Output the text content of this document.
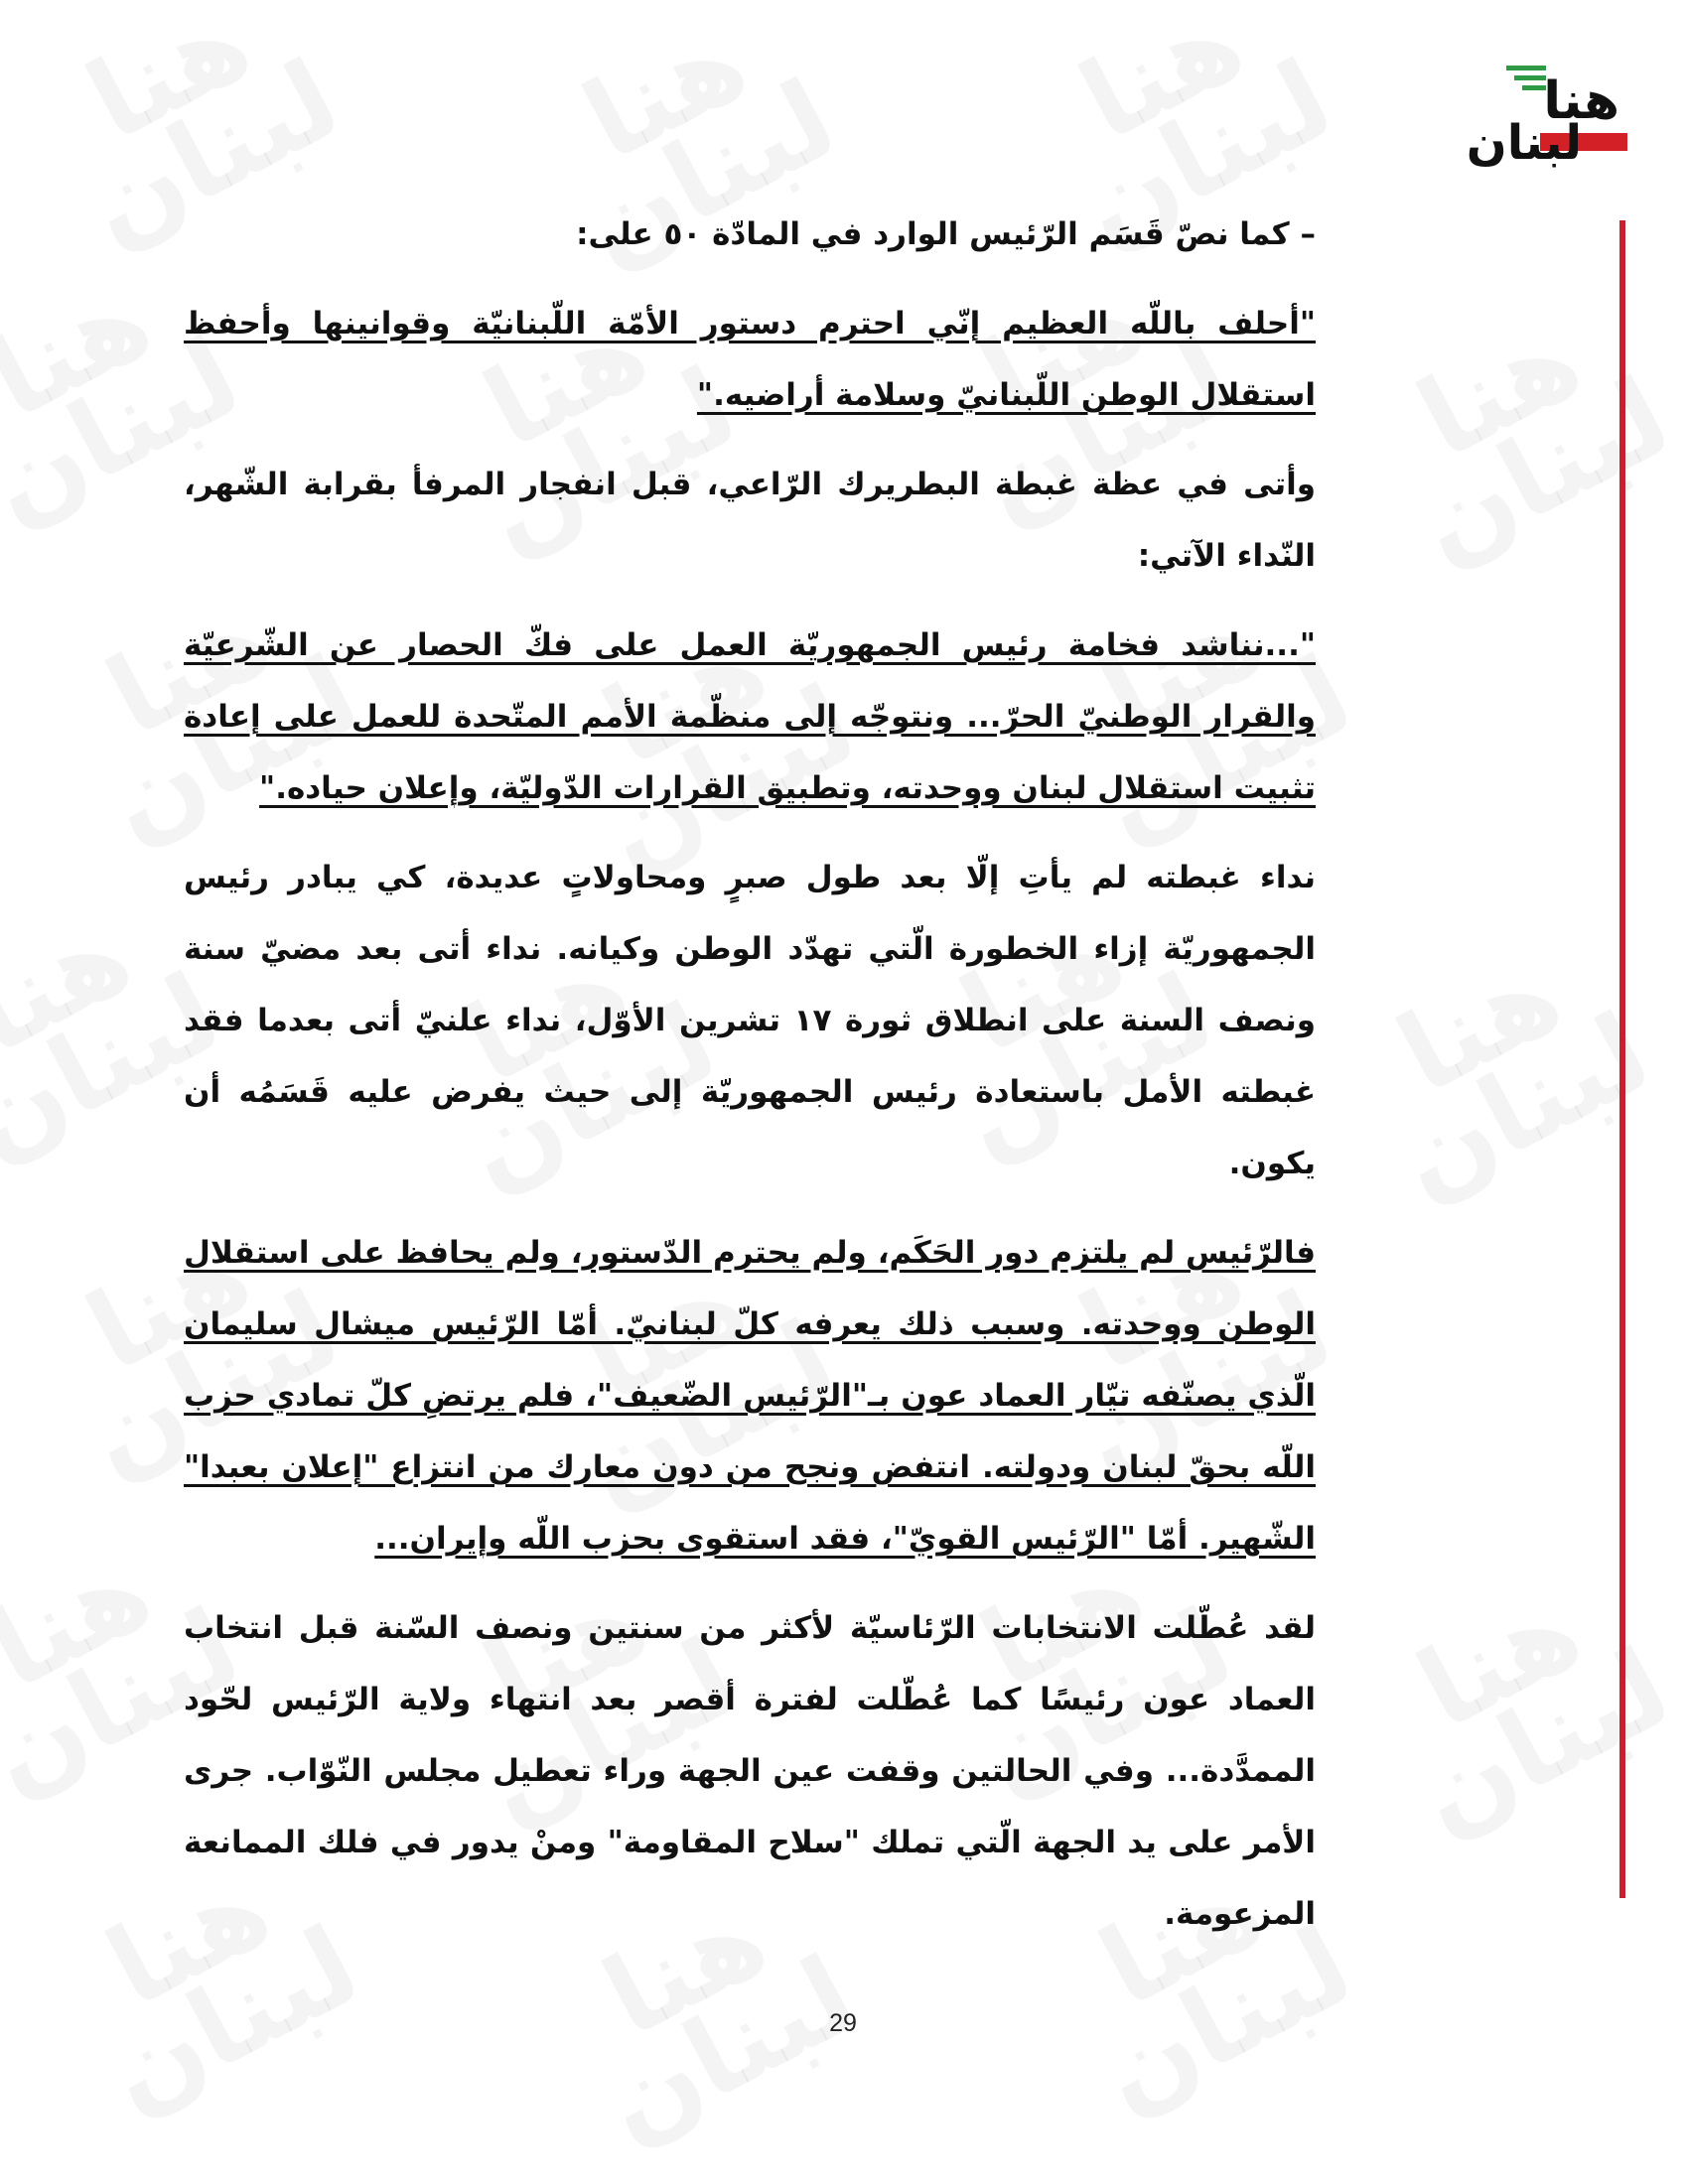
هنا
لبنان

– كما نصّ قَسَم الرّئيس الوارد في المادّة ٥٠ على:

"أحلف باللّه العظيم إنّي احترم دستور الأمّة اللّبنانيّة وقوانينها وأحفظ استقلال الوطن اللّبنانيّ وسلامة أراضيه."

وأتى في عظة غبطة البطريرك الرّاعي، قبل انفجار المرفأ بقرابة الشّهر، النّداء الآتي:

"...نناشد فخامة رئيس الجمهوريّة العمل على فكّ الحصار عن الشّرعيّة والقرار الوطنيّ الحرّ... ونتوجّه إلى منظّمة الأمم المتّحدة للعمل على إعادة تثبيت استقلال لبنان ووحدته، وتطبيق القرارات الدّوليّة، وإعلان حياده."

نداء غبطته لم يأتِ إلّا بعد طول صبرٍ ومحاولاتٍ عديدة، كي يبادر رئيس الجمهوريّة إزاء الخطورة الّتي تهدّد الوطن وكيانه. نداء أتى بعد مضيّ سنة ونصف السنة على انطلاق ثورة ١٧ تشرين الأوّل، نداء علنيّ أتى بعدما فقد غبطته الأمل باستعادة رئيس الجمهوريّة إلى حيث يفرض عليه قَسَمُه أن يكون.

فالرّئيس لم يلتزم دور الحَكَم، ولم يحترم الدّستور، ولم يحافظ على استقلال الوطن ووحدته. وسبب ذلك يعرفه كلّ لبنانيّ. أمّا الرّئيس ميشال سليمان الّذي يصنّفه تيّار العماد عون بـ"الرّئيس الضّعيف"، فلم يرتضِ كلّ تمادي حزب اللّه بحقّ لبنان ودولته. انتفض ونجح من دون معارك من انتزاع "إعلان بعبدا" الشّهير. أمّا "الرّئيس القويّ"، فقد استقوى بحزب اللّه وإيران...

لقد عُطّلت الانتخابات الرّئاسيّة لأكثر من سنتين ونصف السّنة قبل انتخاب العماد عون رئيسًا كما عُطّلت لفترة أقصر بعد انتهاء ولاية الرّئيس لحّود الممدَّدة... وفي الحالتين وقفت عين الجهة وراء تعطيل مجلس النّوّاب. جرى الأمر على يد الجهة الّتي تملك "سلاح المقاومة" ومنْ يدور في فلك الممانعة المزعومة.

29
